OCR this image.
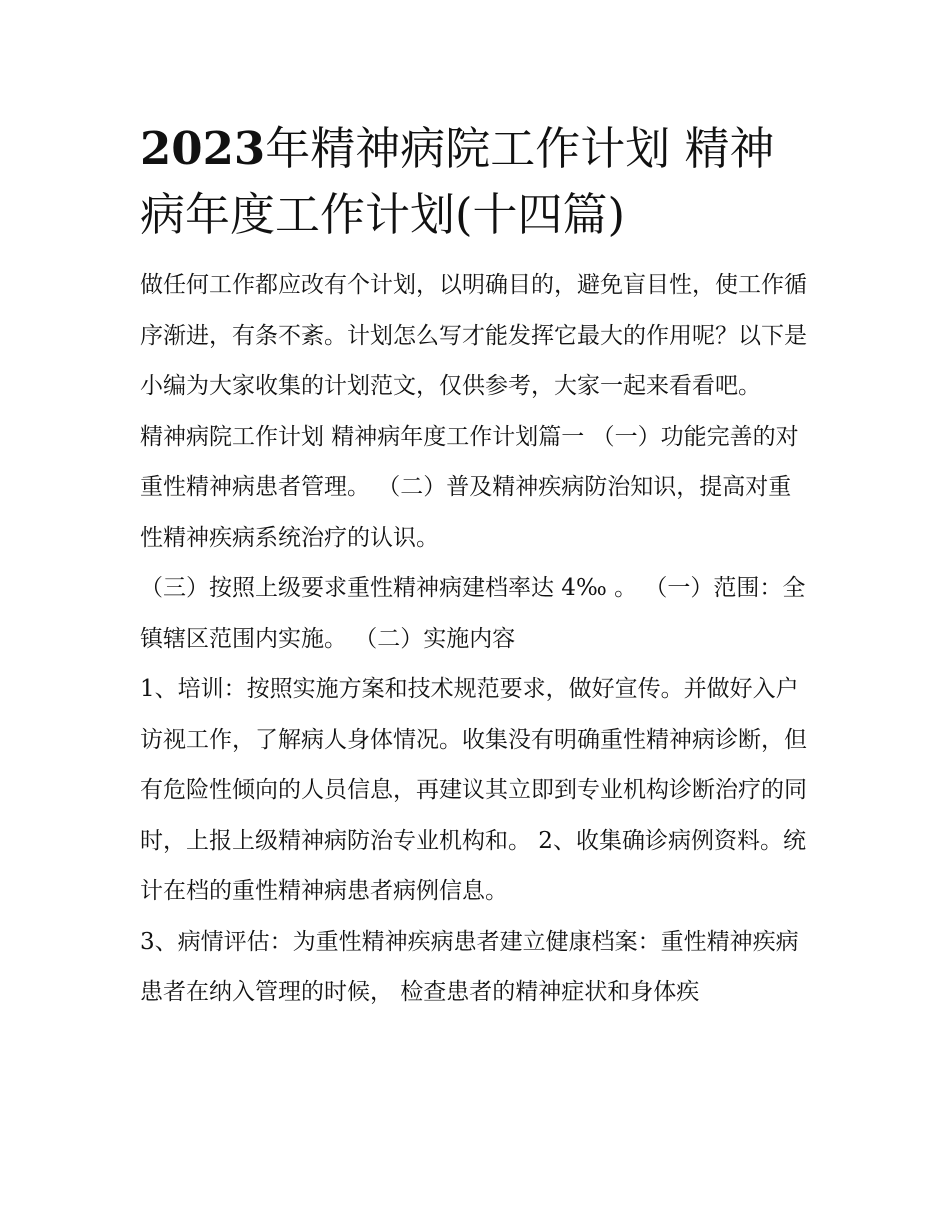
2023年精神病院工作计划 精神病年度工作计划(十四篇)

做任何工作都应改有个计划，以明确目的，避免盲目性，使工作循序渐进，有条不紊。计划怎么写才能发挥它最大的作用呢？以下是小编为大家收集的计划范文，仅供参考，大家一起来看看吧。

精神病院工作计划 精神病年度工作计划篇一 （一）功能完善的对重性精神病患者管理。 （二）普及精神疾病防治知识，提高对重性精神疾病系统治疗的认识。

（三）按照上级要求重性精神病建档率达 4‰ 。 （一）范围：全镇辖区范围内实施。 （二）实施内容

1、培训：按照实施方案和技术规范要求，做好宣传。并做好入户访视工作，了解病人身体情况。收集没有明确重性精神病诊断，但有危险性倾向的人员信息，再建议其立即到专业机构诊断治疗的同时，上报上级精神病防治专业机构和。 2、收集确诊病例资料。统计在档的重性精神病患者病例信息。

3、病情评估：为重性精神疾病患者建立健康档案：重性精神疾病患者在纳入管理的时候， 检查患者的精神症状和身体疾
